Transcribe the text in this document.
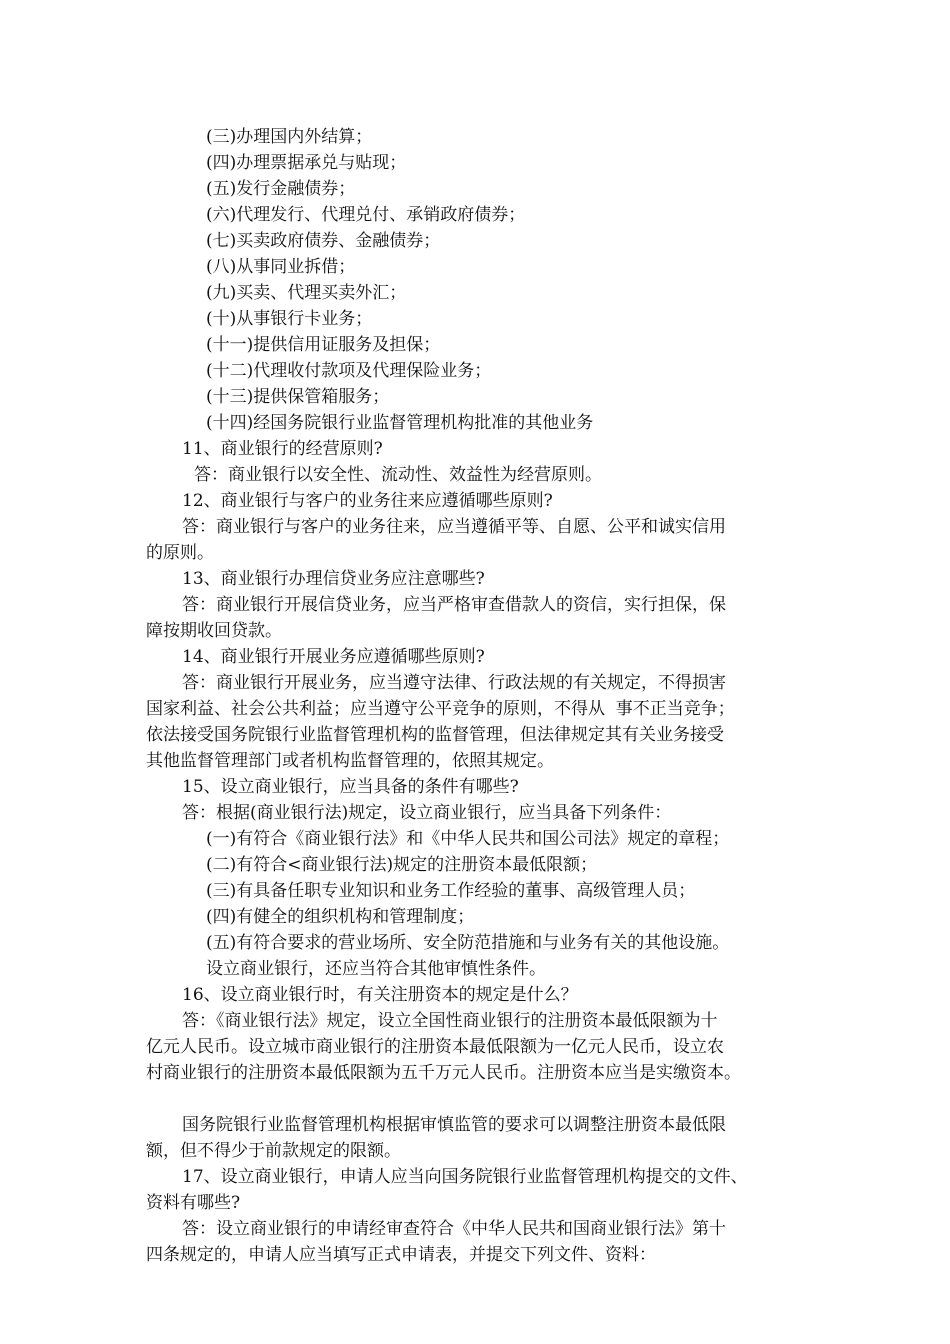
(三)办理国内外结算；
(四)办理票据承兑与贴现；
(五)发行金融债券；
(六)代理发行、代理兑付、承销政府债券；
(七)买卖政府债券、金融债券；
(八)从事同业拆借；
(九)买卖、代理买卖外汇；
(十)从事银行卡业务；
(十一)提供信用证服务及担保；
(十二)代理收付款项及代理保险业务；
(十三)提供保管箱服务；
(十四)经国务院银行业监督管理机构批准的其他业务
11、商业银行的经营原则?
答：商业银行以安全性、流动性、效益性为经营原则。
12、商业银行与客户的业务往来应遵循哪些原则?
答：商业银行与客户的业务往来，应当遵循平等、自愿、公平和诚实信用
的原则。
13、商业银行办理信贷业务应注意哪些?
答：商业银行开展信贷业务，应当严格审查借款人的资信，实行担保，保
障按期收回贷款。
14、商业银行开展业务应遵循哪些原则?
答：商业银行开展业务，应当遵守法律、行政法规的有关规定，不得损害
国家利益、社会公共利益；应当遵守公平竞争的原则，不得从  事不正当竞争；
依法接受国务院银行业监督管理机构的监督管理，但法律规定其有关业务接受
其他监督管理部门或者机构监督管理的，依照其规定。
15、设立商业银行，应当具备的条件有哪些?
答：根据(商业银行法)规定，设立商业银行，应当具备下列条件：
(一)有符合《商业银行法》和《中华人民共和国公司法》规定的章程；
(二)有符合<商业银行法)规定的注册资本最低限额；
(三)有具备任职专业知识和业务工作经验的董事、高级管理人员；
(四)有健全的组织机构和管理制度；
(五)有符合要求的营业场所、安全防范措施和与业务有关的其他设施。
设立商业银行，还应当符合其他审慎性条件。
16、设立商业银行时，有关注册资本的规定是什么？
答：《商业银行法》规定，设立全国性商业银行的注册资本最低限额为十
亿元人民币。设立城市商业银行的注册资本最低限额为一亿元人民币，设立农
村商业银行的注册资本最低限额为五千万元人民币。注册资本应当是实缴资本。
国务院银行业监督管理机构根据审慎监管的要求可以调整注册资本最低限
额，但不得少于前款规定的限额。
17、设立商业银行，申请人应当向国务院银行业监督管理机构提交的文件、
资料有哪些?
答：设立商业银行的申请经审查符合《中华人民共和国商业银行法》第十
四条规定的，申请人应当填写正式申请表，并提交下列文件、资料：
